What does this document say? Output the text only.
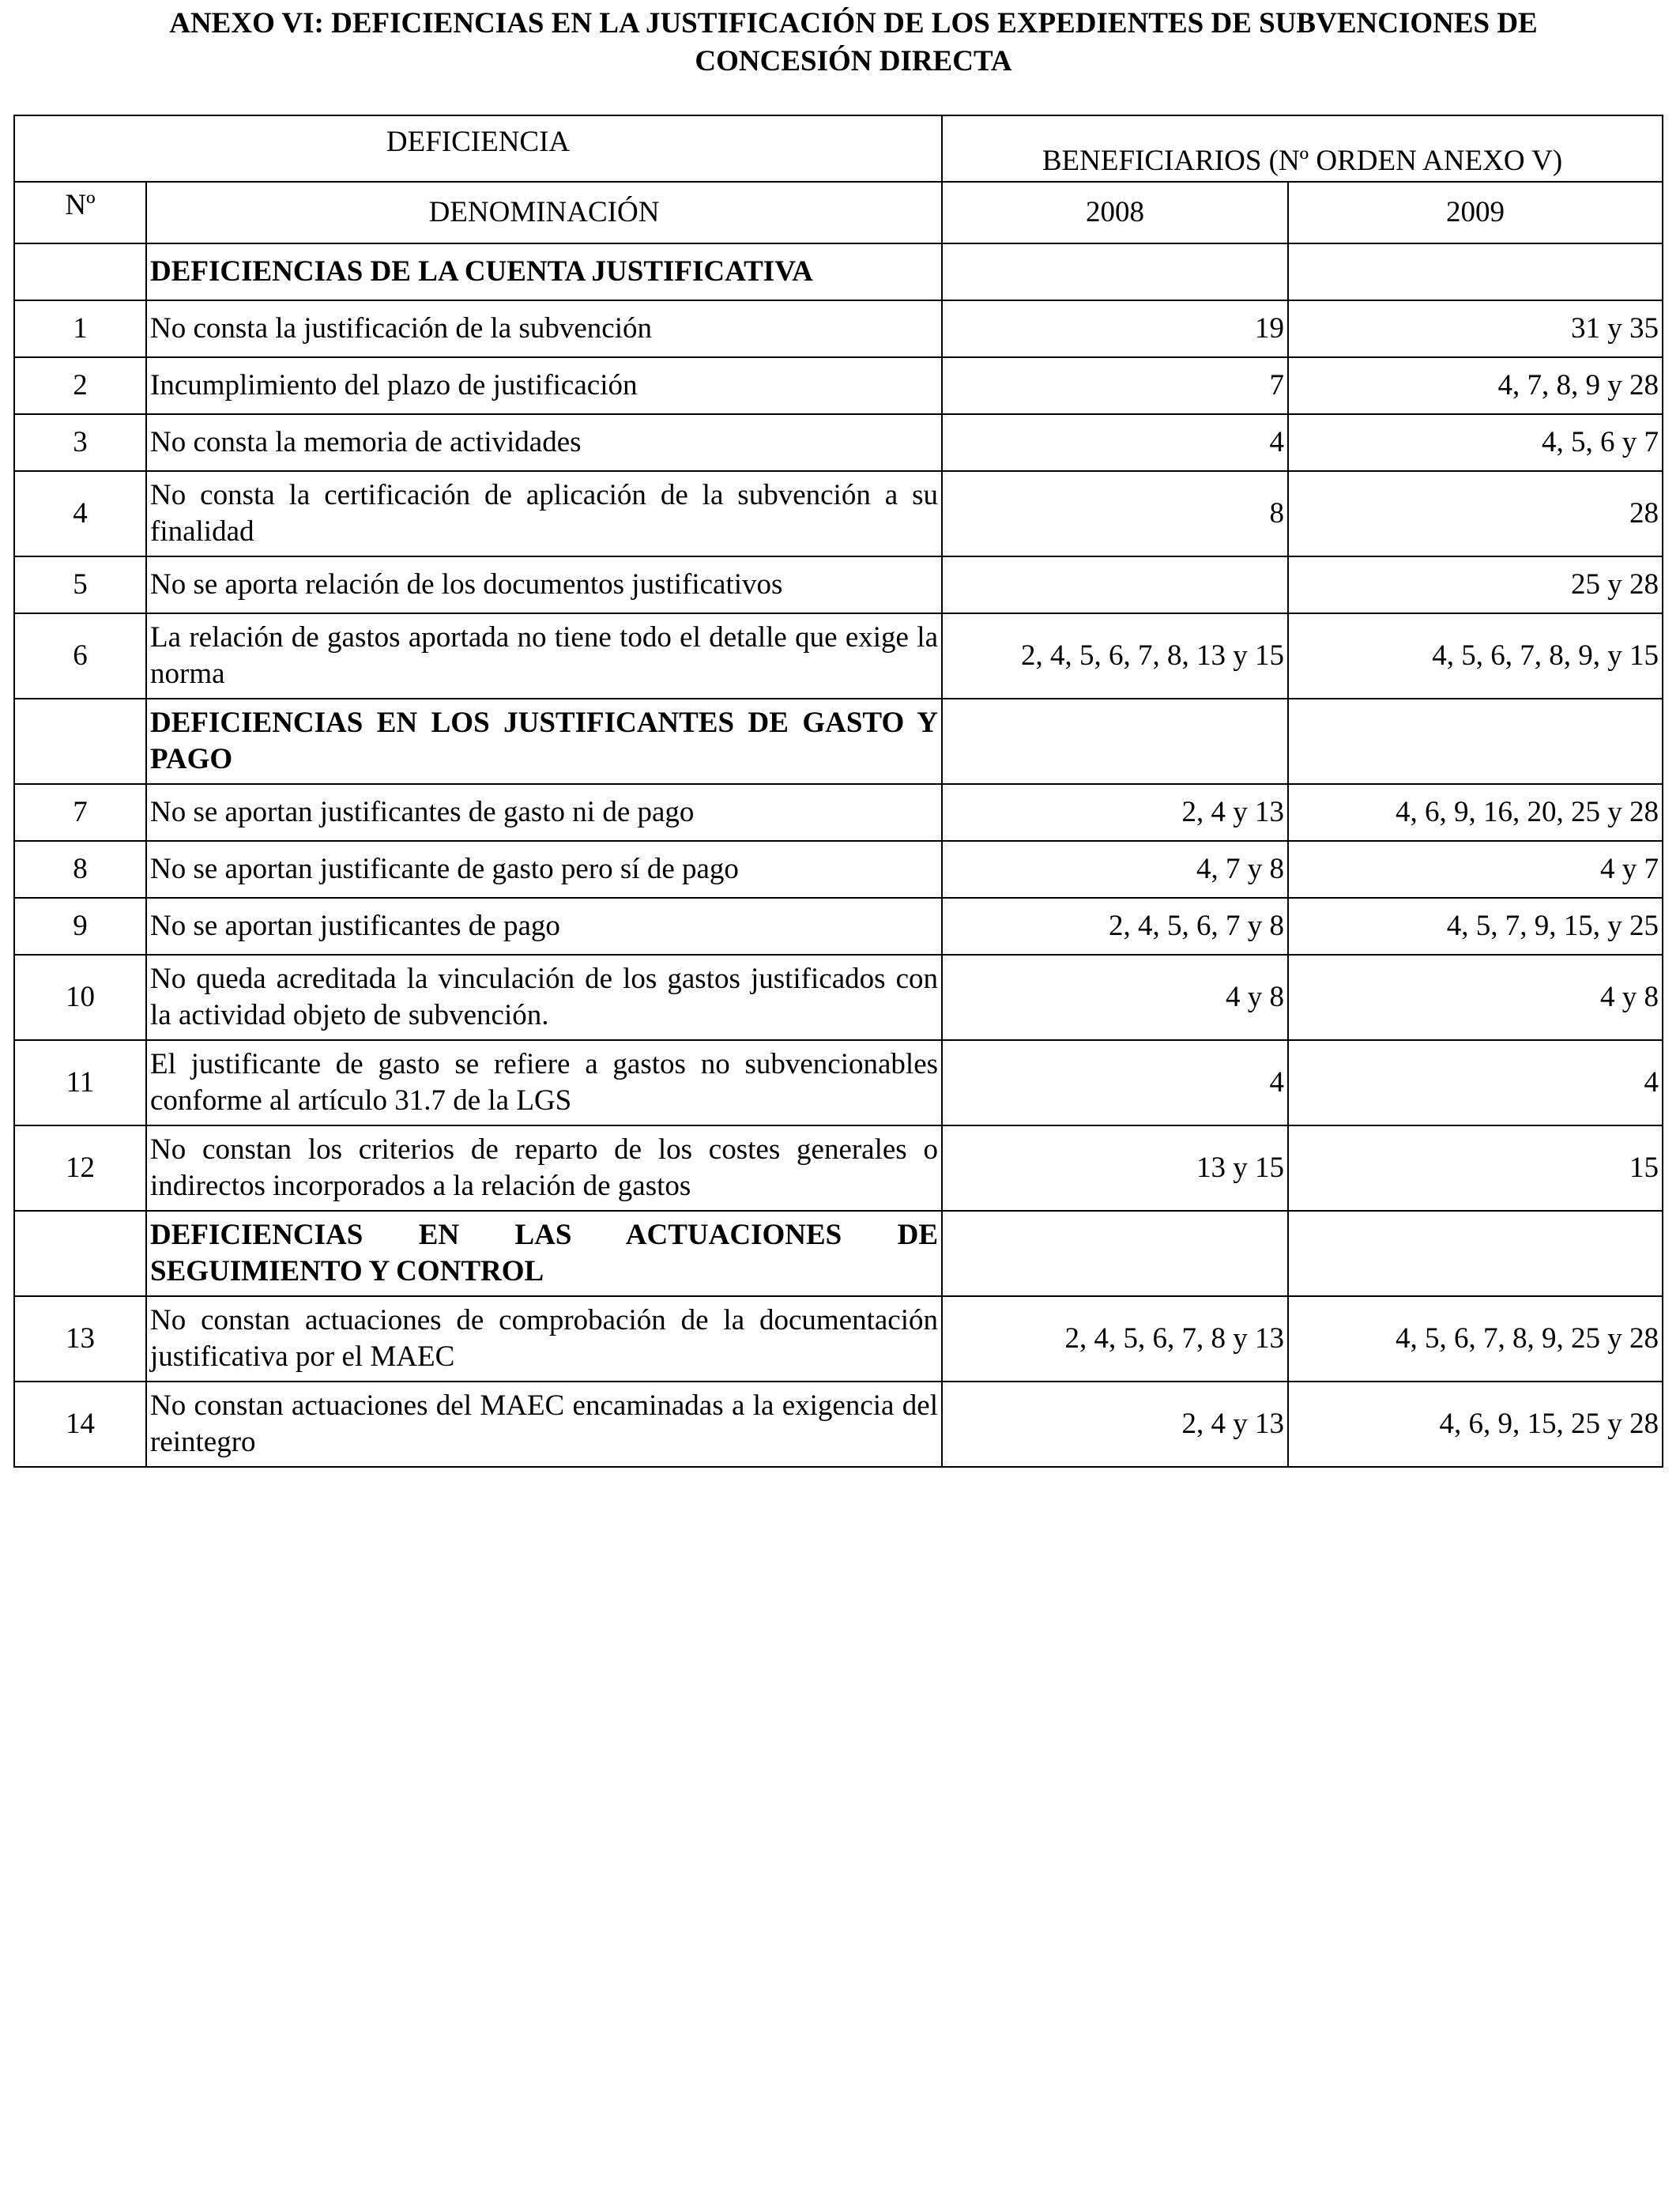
ANEXO VI: DEFICIENCIAS EN LA JUSTIFICACIÓN DE LOS EXPEDIENTES DE SUBVENCIONES DE
CONCESIÓN DIRECTA
DEFICIENCIA		BENEFICIARIOS (Nº ORDEN ANEXO V)	
Nº	DENOMINACIÓN	2008	2009
	DEFICIENCIAS DE LA CUENTA JUSTIFICATIVA		
1	No consta la justificación de la subvención	19	31 y 35
2	Incumplimiento del plazo de justificación	7	4, 7, 8, 9 y 28
3	No consta la memoria de actividades	4	4, 5, 6 y 7
4	No consta la certificación de aplicación de la subvención a su finalidad	8	28
5	No se aporta relación de los documentos justificativos		25 y 28
6	La relación de gastos aportada no tiene todo el detalle que exige la norma	2, 4, 5, 6, 7, 8, 13 y 15	4, 5, 6, 7, 8, 9, y 15
	DEFICIENCIAS EN LOS JUSTIFICANTES DE GASTO Y PAGO		
7	No se aportan justificantes de gasto ni de pago	2, 4 y 13	4, 6, 9, 16, 20, 25 y 28
8	No se aportan justificante de gasto pero sí de pago	4, 7 y 8	4 y 7
9	No se aportan justificantes de pago	2, 4, 5, 6, 7 y 8	4, 5, 7, 9, 15, y 25
10	No queda acreditada la vinculación de los gastos justificados con la actividad objeto de subvención.	4 y 8	4 y 8
11	El justificante de gasto se refiere a gastos no subvencionables conforme al artículo 31.7 de la LGS	4	4
12	No constan los criterios de reparto de los costes generales o indirectos incorporados a la relación de gastos	13 y 15	15
	DEFICIENCIAS EN LAS ACTUACIONES DE SEGUIMIENTO Y CONTROL		
13	No constan actuaciones de comprobación de la documentación justificativa por el MAEC	2, 4, 5, 6, 7, 8 y 13	4, 5, 6, 7, 8, 9, 25 y 28
14	No constan actuaciones del MAEC encaminadas a la exigencia del reintegro	2, 4 y 13	4, 6, 9, 15, 25 y 28
